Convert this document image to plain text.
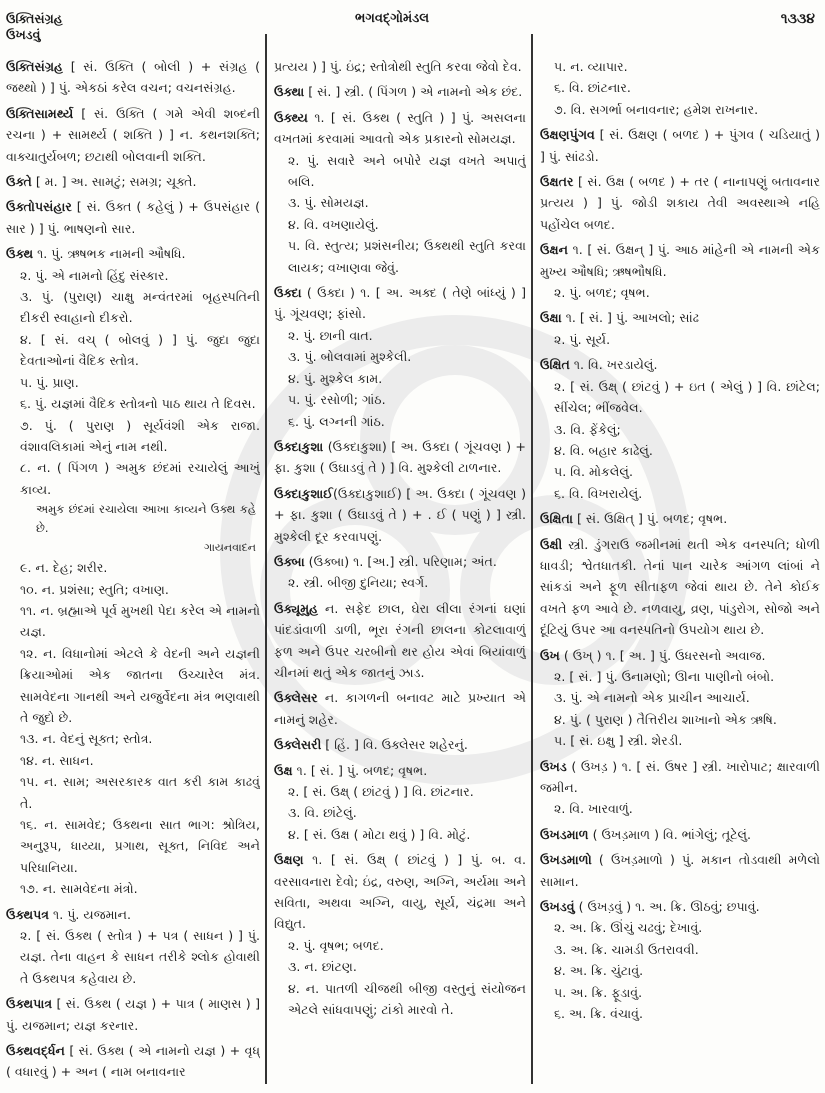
ઉક્તિસંગ્રહ
ઉખડવું
ભગવદ્ગોમંડલ	૧૩૩૪
ઉક્તિસંગ્રહ [ સં. ઉક્તિ ( બોલી ) + સંગ્રહ ( જથ્થો ) ] પું. એકઠાં કરેલ વચન; વચનસંગ્રહ.
ઉક્તિસામર્થ્ય [ સં. ઉક્તિ ( ગમે એવી શબ્દની રચના ) + સામર્થ્ય ( શક્તિ ) ] ન. કથનશક્તિ; વાક્ચાતુર્યબળ; છટાથી બોલવાની શક્તિ.
ઉક્તે [ મ. ] અ. સામટું; સમગ્ર; ચૂક્તે.
ઉક્તોપસંહાર [ સં. ઉક્ત ( કહેલું ) + ઉપસંહાર ( સાર ) ] પું. ભાષણનો સાર.
ઉક્થ ૧. પું. ઋષભક નામની ઔષધિ.
૨. પું. એ નામનો હિંદુ સંસ્કાર.
૩. પું. (પુરાણ) ચાક્ષુ મન્વંતરમાં બૃહસ્પતિની દીકરી સ્વાહાનો દીકરો.
૪. [ સં. વચ્ ( બોલવું ) ] પું. જુદા જુદા દેવતાઓનાં વૈદિક સ્તોત્ર.
૫. પું. પ્રાણ.
૬. પું. યજ્ઞમાં વૈદિક સ્તોત્રનો પાઠ થાય તે દિવસ.
૭. પું. ( પુરાણ ) સૂર્યવંશી એક રાજા. વંશાવલિકામાં એનું નામ નથી.
૮. ન. ( પિંગળ ) અમુક છંદમાં રચાયેલું આખું કાવ્ય.
અમુક છંદમાં રચાયેલા આખા કાવ્યને ઉક્થ કહે છે.
ગાયનવાદન
૯. ન. દેહ; શરીર.
૧૦. ન. પ્રશંસા; સ્તુતિ; વખાણ.
૧૧. ન. બ્રહ્માએ પૂર્વ મુખથી પેદા કરેલ એ નામનો યજ્ઞ.
૧૨. ન. વિધાનોમાં એટલે કે વેદની અને યજ્ઞની ક્રિયાઓમાં એક જાતના ઉચ્ચારેલ મંત્ર. સામવેદના ગાનથી અને યજુર્વેદના મંત્ર ભણવાથી તે જુદો છે.
૧૩. ન. વેદનું સૂક્ત; સ્તોત્ર.
૧૪. ન. સાધન.
૧૫. ન. સામ; અસરકારક વાત કરી કામ કાઢવું તે.
૧૬. ન. સામવેદ; ઉક્થના સાત ભાગ: શ્રોત્રિય, અનુરૂપ, ધાય્યા, પ્રગાથ, સૂક્ત, નિવિદ અને પરિધાનિયા.
૧૭. ન. સામવેદના મંત્રો.
ઉક્થપત્ર ૧. પું. યજમાન.
૨. [ સં. ઉક્થ ( સ્તોત્ર ) + પત્ર ( સાધન ) ] પું. યજ્ઞ. તેના વાહન કે સાધન તરીકે શ્લોક હોવાથી તે ઉક્થપત્ર કહેવાય છે.
ઉક્થપાત્ર [ સં. ઉક્થ ( યજ્ઞ ) + પાત્ર ( માણસ ) ] પું. યજમાન; યજ્ઞ કરનાર.
ઉક્થવર્દ્ધન [ સં. ઉક્થ ( એ નામનો યજ્ઞ ) + વૃધ્ ( વધારવું ) + અન ( નામ બનાવનાર
પ્રત્યય ) ] પું. ઇંદ્ર; સ્તોત્રોથી સ્તુતિ કરવા જેવો દેવ.
ઉક્થા [ સં. ] સ્ત્રી. ( પિંગળ ) એ નામનો એક છંદ.
ઉક્થ્ય ૧. [ સં. ઉક્થ ( સ્તુતિ ) ] પું. અસલના વખતમાં કરવામાં આવતો એક પ્રકારનો સોમયજ્ઞ.
૨. પું. સવારે અને બપોરે યજ્ઞ વખતે અપાતું બલિ.
૩. પું. સોમયજ્ઞ.
૪. વિ. વખણાયેલું.
૫. વિ. સ્તુત્ય; પ્રશંસનીય; ઉક્થથી સ્તુતિ કરવા લાયક; વખાણવા જેવું.
ઉક્દા ( ઉક્દા ) ૧. [ અ. અક્દ ( તેણે બાંધ્યું ) ] પું. ગૂંચવણ; ફાંસો.
૨. પું. છાની વાત.
૩. પું. બોલવામાં મુશ્કેલી.
૪. પું. મુશ્કેલ કામ.
૫. પું. રસોળી; ગાંઠ.
૬. પું. લગ્નની ગાંઠ.
ઉક્દાકુશા (ઉક્દાકુશા) [ અ. ઉક્દા ( ગૂંચવણ ) + ફા. કુશા ( ઉઘાડવું તે ) ] વિ. મુશ્કેલી ટાળનાર.
ઉક્દાકુશાઈ(ઉક્દાકુશાઈ) [ અ. ઉક્દા ( ગૂંચવણ ) + ફા. કુશા ( ઉઘાડવું તે ) + . ઈ ( પણું ) ] સ્ત્રી. મુશ્કેલી દૂર કરવાપણું.
ઉક્બા (ઉક્બા) ૧. [અ.] સ્ત્રી. પરિણામ; અંત.
૨. સ્ત્રી. બીજી દુનિયા; સ્વર્ગ.
ઉક્યૂમુહ ન. સફેદ છાલ, ઘેરા લીલા રંગનાં ઘણાં પાંદડાંવાળી ડાળી, ભૂરા રંગની છાલના કોટલાવાળું ફળ અને ઉપર ચરબીનો થર હોય એવાં બિયાંવાળું ચીનમાં થતું એક જાતનું ઝાડ.
ઉક્લેસર ન. કાગળની બનાવટ માટે પ્રખ્યાત એ નામનું શહેર.
ઉક્લેસરી [ હિં. ] વિ. ઉક્લેસર શહેરનું.
ઉક્ષ ૧. [ સં. ] પું. બળદ; વૃષભ.
૨. [ સં. ઉક્ષ્ ( છાંટવું ) ] વિ. છાંટનાર.
૩. વિ. છાંટેલું.
૪. [ સં. ઉક્ષ ( મોટા થવું ) ] વિ. મોટું.
ઉક્ષણ ૧. [ સં. ઉક્ષ્ ( છાંટવું ) ] પું. બ. વ. વરસાવનારા દેવો; ઇંદ્ર, વરુણ, અગ્નિ, અર્યમા અને સવિતા, અથવા અગ્નિ, વાયુ, સૂર્ય, ચંદ્રમા અને વિદ્યુત.
૨. પું. વૃષભ; બળદ.
૩. ન. છાંટણ.
૪. ન. પાતળી ચીજથી બીજી વસ્તુનું સંયોજન એટલે સાંધવાપણું; ટાંકો મારવો તે.
૫. ન. વ્યાપાર.
૬. વિ. છાંટનાર.
૭. વિ. સગર્ભા બનાવનાર; હમેશ રાખનાર.
ઉક્ષણપુંગવ [ સં. ઉક્ષણ ( બળદ ) + પુંગવ ( ચડિયાતું ) ] પું. સાંઢડો.
ઉક્ષતર [ સં. ઉક્ષ ( બળદ ) + તર ( નાનાપણું બતાવનાર પ્રત્યય ) ] પું. જોડી શકાય તેવી અવસ્થાએ નહિ પહોંચેલ બળદ.
ઉક્ષન ૧. [ સં. ઉક્ષન્ ] પું. આઠ માંહેની એ નામની એક મુખ્ય ઔષધિ; ઋષભૌષધિ.
૨. પું. બળદ; વૃષભ.
ઉક્ષા ૧. [ સં. ] પું. આખલો; સાંઢ
૨. પું. સૂર્ય.
ઉક્ષિત ૧. વિ. ખરડાયેલું.
૨. [ સં. ઉક્ષ્ ( છાંટવું ) + ઇત ( એલું ) ] વિ. છાંટેલ; સીંચેલ; ભીંજવેલ.
૩. વિ. ફેંકેલું;
૪. વિ. બહાર કાઢેલું.
૫. વિ. મોકલેલું.
૬. વિ. વિખરાયેલું.
ઉક્ષિતા [ સં. ઉક્ષિત્ ] પું. બળદ; વૃષભ.
ઉક્ષી સ્ત્રી. ડુંગરાઉ જમીનમાં થતી એક વનસ્પતિ; ધોળી ધાવડી; શ્વેતધાતકી. તેનાં પાન ચારેક આંગળ લાંબાં ને સાંકડાં અને ફૂળ સીતાફળ જેવાં થાય છે. તેને કોઈક વખતે ફળ આવે છે. નળવાયુ, વ્રણ, પાંડુરોગ, સોજો અને દૂંટિયું ઉપર આ વનસ્પતિનો ઉપયોગ થાય છે.
ઉખ ( ઉખ્ ) ૧. [ અ. ] પું. ઉધરસનો અવાજ.
૨. [ સં. ] પું. ઉનામણો; ઊના પાણીનો બંબો.
૩. પું. એ નામનો એક પ્રાચીન આચાર્ય.
૪. પું. ( પુરાણ ) તૈત્તિરીય શાખાનો એક ઋષિ.
૫. [ સં. ઇક્ષુ ] સ્ત્રી. શેરડી.
ઉખડ ( ઉખડ઼ ) ૧. [ સં. ઉષર ] સ્ત્રી. ખારોપાટ; ક્ષારવાળી જમીન.
૨. વિ. ખારવાળું.
ઉખડમાળ ( ઉખડ઼માળ ) વિ. ભાંગેલું; તૂટેલું.
ઉખડમાળો ( ઉખડ઼માળો ) પું. મકાન તોડવાથી મળેલો સામાન.
ઉખડવું ( ઉખડ઼વું ) ૧. અ. ક્રિ. ઊઠવું; છપાવું.
૨. અ. ક્રિ. ઊંચું ચઢવું; દેખાવું.
૩. અ. ક્રિ. ચામડી ઉતરાવવી.
૪. અ. ક્રિ. ચુંટાવું.
૫. અ. ક્રિ. ફૂડાવું.
૬. અ. ક્રિ. વંચાવું.
